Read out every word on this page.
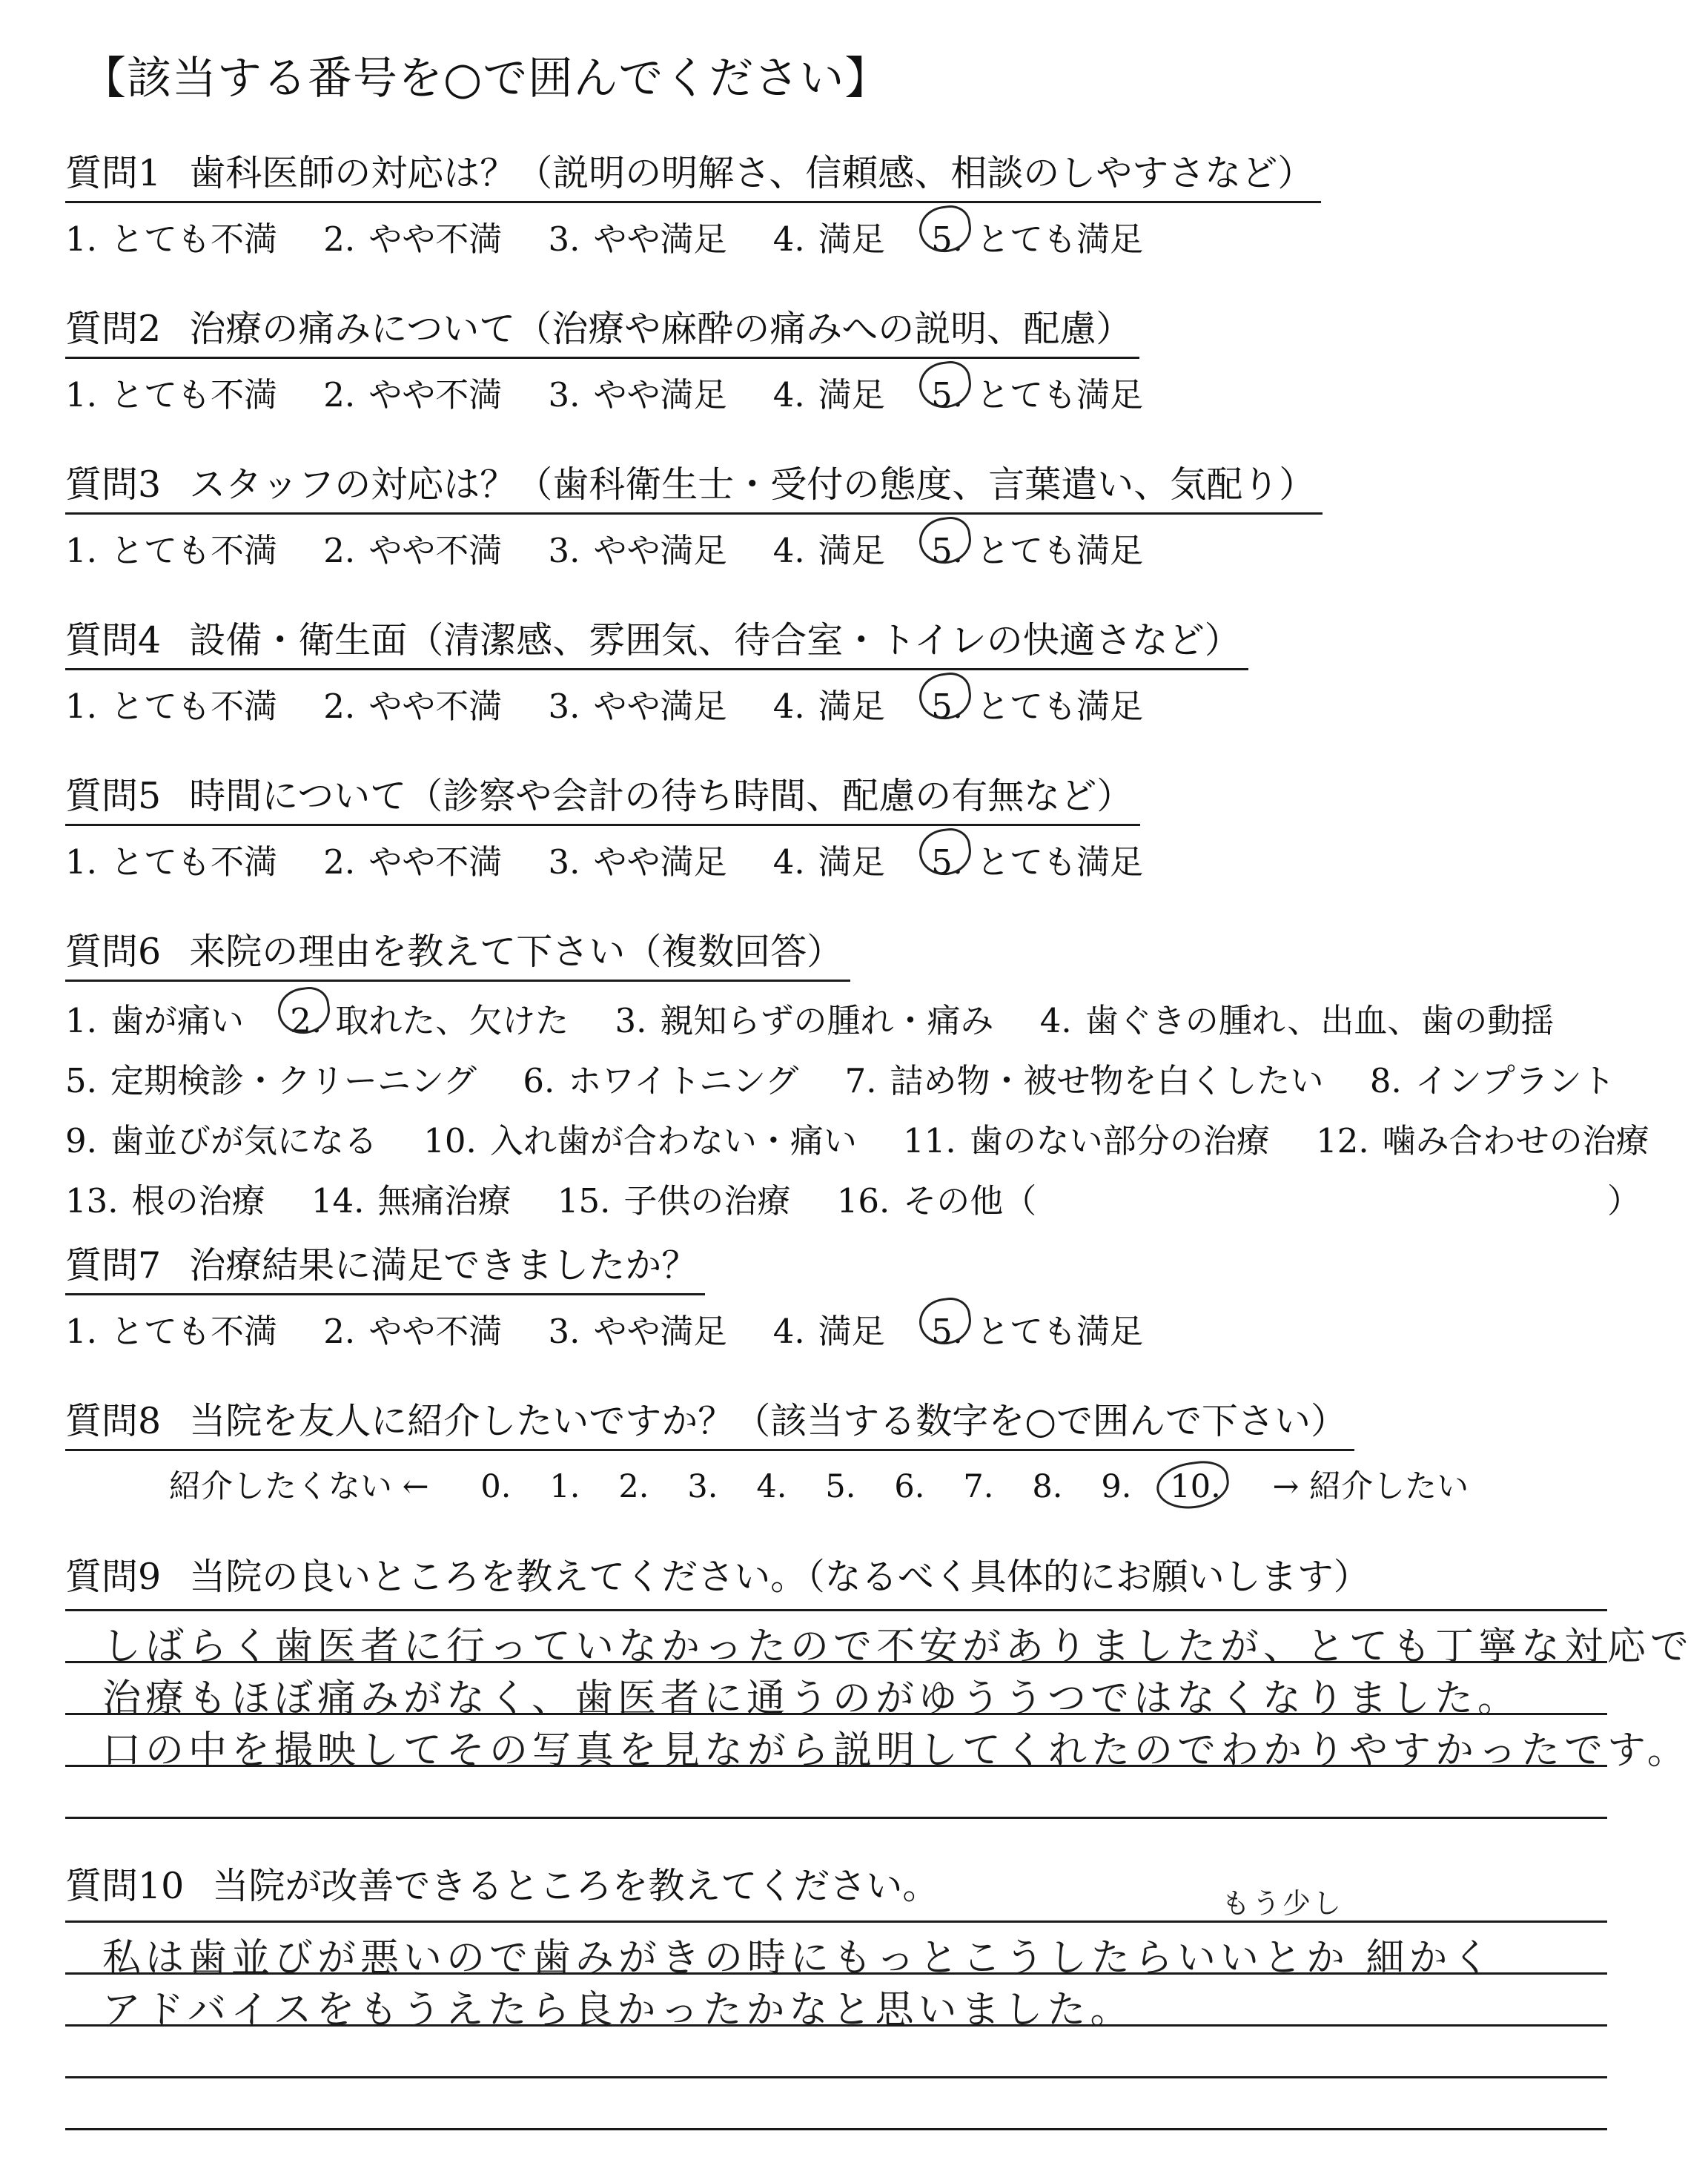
【該当する番号を○で囲んでください】
質問1 歯科医師の対応は？（説明の明解さ、信頼感、相談のしやすさなど）
1. とても不満 2. やや不満 3. やや満足 4. 満足 5. とても満足
質問2 治療の痛みについて（治療や麻酔の痛みへの説明、配慮）
1. とても不満 2. やや不満 3. やや満足 4. 満足 5. とても満足
質問3 スタッフの対応は？（歯科衛生士・受付の態度、言葉遣い、気配り）
1. とても不満 2. やや不満 3. やや満足 4. 満足 5. とても満足
質問4 設備・衛生面（清潔感、雰囲気、待合室・トイレの快適さなど）
1. とても不満 2. やや不満 3. やや満足 4. 満足 5. とても満足
質問5 時間について（診察や会計の待ち時間、配慮の有無など）
1. とても不満 2. やや不満 3. やや満足 4. 満足 5. とても満足
質問6 来院の理由を教えて下さい（複数回答）
1. 歯が痛い 2. 取れた、欠けた 3. 親知らずの腫れ・痛み 4. 歯ぐきの腫れ、出血、歯の動揺
5. 定期検診・クリーニング 6. ホワイトニング 7. 詰め物・被せ物を白くしたい 8. インプラント
9. 歯並びが気になる 10. 入れ歯が合わない・痛い 11. 歯のない部分の治療 12. 噛み合わせの治療
13. 根の治療 14. 無痛治療 15. 子供の治療 16. その他（	）
質問7 治療結果に満足できましたか？
1. とても不満 2. やや不満 3. やや満足 4. 満足 5. とても満足
質問8 当院を友人に紹介したいですか？（該当する数字を○で囲んで下さい）
紹介したくない ← 0. 1. 2. 3. 4. 5. 6. 7. 8. 9. 10. → 紹介したい
質問9 当院の良いところを教えてください。（なるべく具体的にお願いします）
しばらく歯医者に行っていなかったので不安がありましたが、とても丁寧な対応で
治療もほぼ痛みがなく、歯医者に通うのがゆううつではなくなりました。
口の中を撮映してその写真を見ながら説明してくれたのでわかりやすかったです。
質問10 当院が改善できるところを教えてください。	もう少し
私は歯並びが悪いので歯みがきの時にもっとこうしたらいいとか 細かく
アドバイスをもうえたら良かったかなと思いました。
